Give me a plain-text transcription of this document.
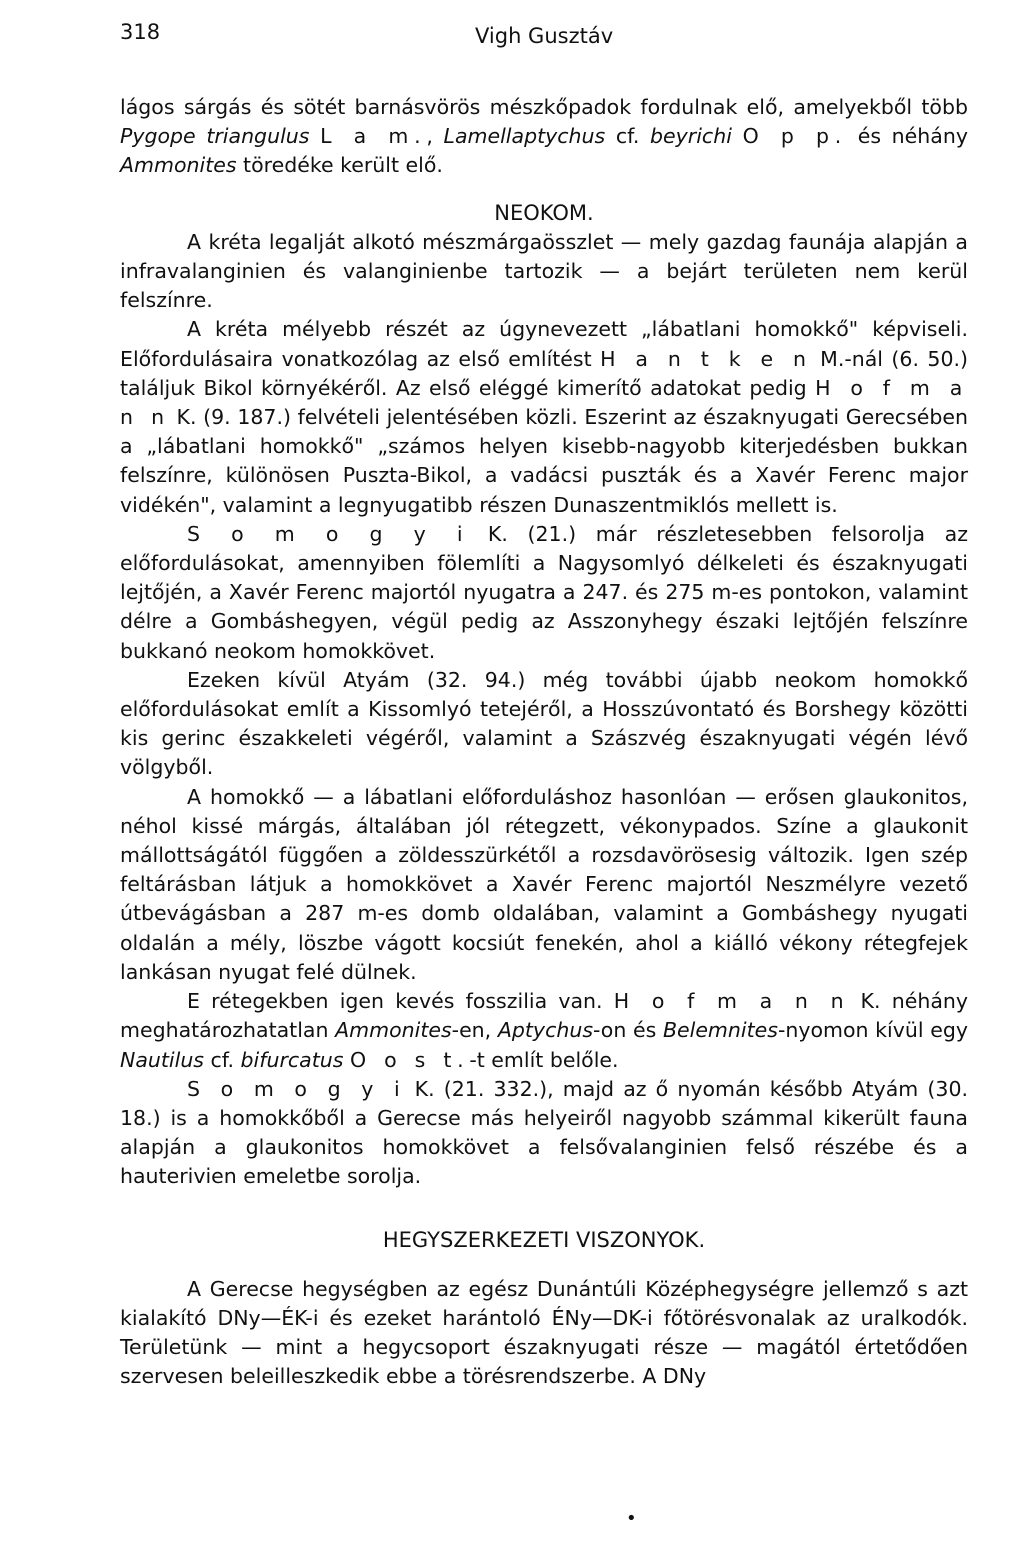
318	Vigh Gusztáv

lágos sárgás és sötét barnásvörös mészkőpadok fordulnak elő, amelyekből több Pygope triangulus L a m., Lamellaptychus cf. beyrichi O p p. és néhány Ammonites töredéke került elő.

NEOKOM.

A kréta legalját alkotó mészmárgaösszlet — mely gazdag faunája alapján a infravalanginien és valanginienbe tartozik — a bejárt területen nem kerül felszínre.

A kréta mélyebb részét az úgynevezett „lábatlani homokkő" képviseli. Előfordulásaira vonatkozólag az első említést H a n t k e n M.-nál (6. 50.) találjuk Bikol környékéről. Az első eléggé kimerítő adatokat pedig H o f m a n n K. (9. 187.) felvételi jelentésében közli. Eszerint az északnyugati Gerecsében a „lábatlani homokkő" „számos helyen kisebb-nagyobb kiterjedésben bukkan felszínre, különösen Puszta-Bikol, a vadácsi puszták és a Xavér Ferenc major vidékén", valamint a legnyugatibb részen Dunaszentmiklós mellett is.

S o m o g y i K. (21.) már részletesebben felsorolja az előfordulásokat, amennyiben fölemlíti a Nagysomlyó délkeleti és északnyugati lejtőjén, a Xavér Ferenc majortól nyugatra a 247. és 275 m-es pontokon, valamint délre a Gombáshegyen, végül pedig az Asszonyhegy északi lejtőjén felszínre bukkanó neokom homokkövet.

Ezeken kívül Atyám (32. 94.) még további újabb neokom homokkő előfordulásokat említ a Kissomlyó tetejéről, a Hosszúvontató és Borshegy közötti kis gerinc északkeleti végéről, valamint a Szászvég északnyugati végén lévő völgyből.

A homokkő — a lábatlani előforduláshoz hasonlóan — erősen glaukonitos, néhol kissé márgás, általában jól rétegzett, vékonypados. Színe a glaukonit mállottságától függően a zöldesszürkétől a rozsdavörösesig változik. Igen szép feltárásban látjuk a homokkövet a Xavér Ferenc majortól Neszmélyre vezető útbevágásban a 287 m-es domb oldalában, valamint a Gombáshegy nyugati oldalán a mély, löszbe vágott kocsiút fenekén, ahol a kiálló vékony rétegfejek lankásan nyugat felé dülnek.

E rétegekben igen kevés fosszilia van. H o f m a n n K. néhány meghatározhatatlan Ammonites-en, Aptychus-on és Belemnites-nyomon kívül egy Nautilus cf. bifurcatus O o s t.-t említ belőle.

S o m o g y i K. (21. 332.), majd az ő nyomán később Atyám (30. 18.) is a homokkőből a Gerecse más helyeiről nagyobb számmal kikerült fauna alapján a glaukonitos homokkövet a felsővalanginien felső részébe és a hauterivien emeletbe sorolja.

HEGYSZERKEZETI VISZONYOK.

A Gerecse hegységben az egész Dunántúli Középhegységre jellemző s azt kialakító DNy—ÉK-i és ezeket harántoló ÉNy—DK-i főtörésvonalak az uralkodók. Területünk — mint a hegycsoport északnyugati része — magától értetődően szervesen beleilleszkedik ebbe a törésrendszerbe. A DNy

•
